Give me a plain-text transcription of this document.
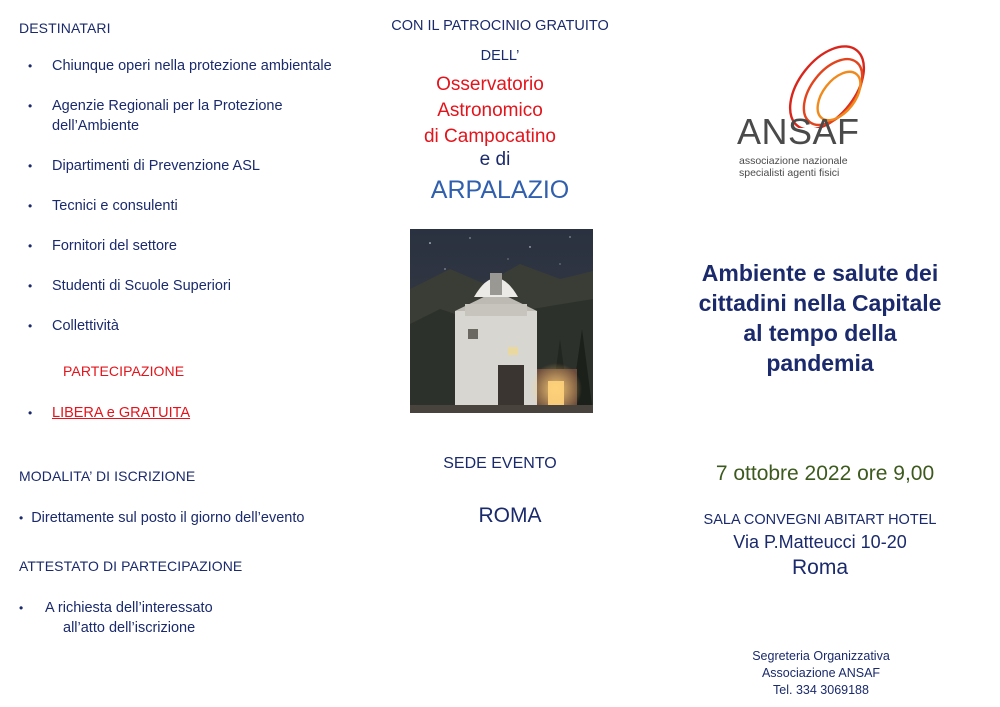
DESTINATARI
• Chiunque operi nella protezione ambientale
• Agenzie Regionali per la Protezione
dell’Ambiente
• Dipartimenti di Prevenzione ASL
• Tecnici e consulenti
• Fornitori del settore
• Studenti di Scuole Superiori
• Collettività
PARTECIPAZIONE
• LIBERA e GRATUITA
MODALITA’ DI ISCRIZIONE
• Direttamente sul posto il giorno dell’evento
ATTESTATO DI PARTECIPAZIONE
• A richiesta dell’interessato
all’atto dell’iscrizione
CON IL PATROCINIO GRATUITO
DELL’
Osservatorio
Astronomico
di Campocatino
e di
ARPALAZIO
SEDE EVENTO
ROMA
ANSAF
associazione nazionale
specialisti agenti fisici
Ambiente e salute dei
cittadini nella Capitale
al tempo della
pandemia
7 ottobre 2022 ore 9,00
SALA CONVEGNI ABITART HOTEL
Via P.Matteucci 10-20
Roma
Segreteria Organizzativa
Associazione ANSAF
Tel. 334 3069188
